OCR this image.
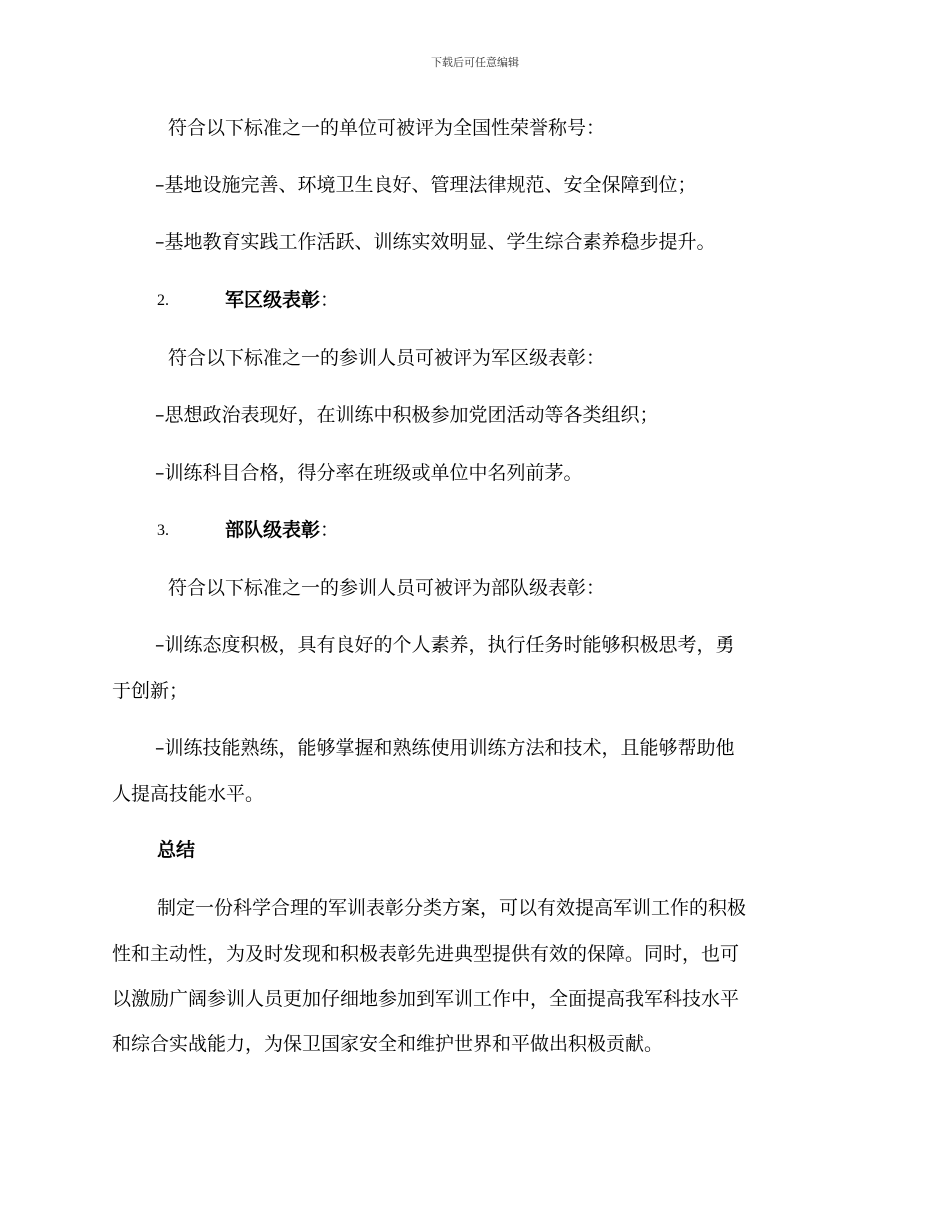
下载后可任意编辑
符合以下标准之一的单位可被评为全国性荣誉称号：
–基地设施完善、环境卫生良好、管理法律规范、安全保障到位；
–基地教育实践工作活跃、训练实效明显、学生综合素养稳步提升。
2.	军区级表彰：
符合以下标准之一的参训人员可被评为军区级表彰：
–思想政治表现好，在训练中积极参加党团活动等各类组织；
–训练科目合格，得分率在班级或单位中名列前茅。
3.	部队级表彰：
符合以下标准之一的参训人员可被评为部队级表彰：
–训练态度积极，具有良好的个人素养，执行任务时能够积极思考，勇
于创新；
–训练技能熟练，能够掌握和熟练使用训练方法和技术，且能够帮助他
人提高技能水平。
总结
制定一份科学合理的军训表彰分类方案，可以有效提高军训工作的积极
性和主动性，为及时发现和积极表彰先进典型提供有效的保障。同时，也可
以激励广阔参训人员更加仔细地参加到军训工作中，全面提高我军科技水平
和综合实战能力，为保卫国家安全和维护世界和平做出积极贡献。
